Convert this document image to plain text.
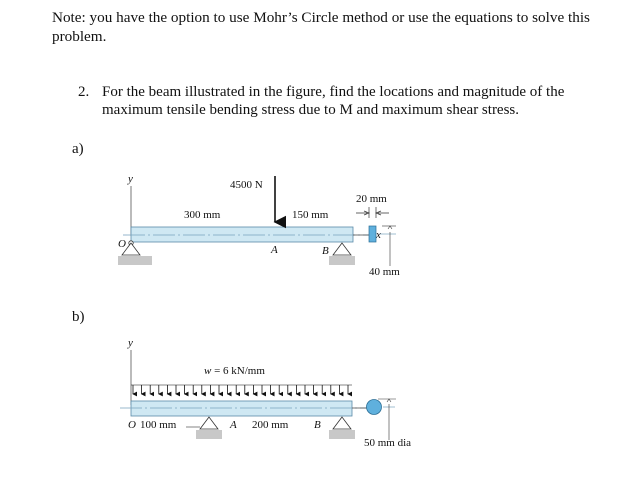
Note: you have the option to use Mohr’s Circle method or use the equations to solve this
problem.
2. For the beam illustrated in the figure, find the locations and magnitude of the
maximum tensile bending stress due to M and maximum shear stress.
a)
b)
y
x
O
B
A
4500 N
300 mm	150 mm
20 mm
40 mm
y
w = 6 kN/mm
O 100 mm	A 200 mm B
50 mm dia
